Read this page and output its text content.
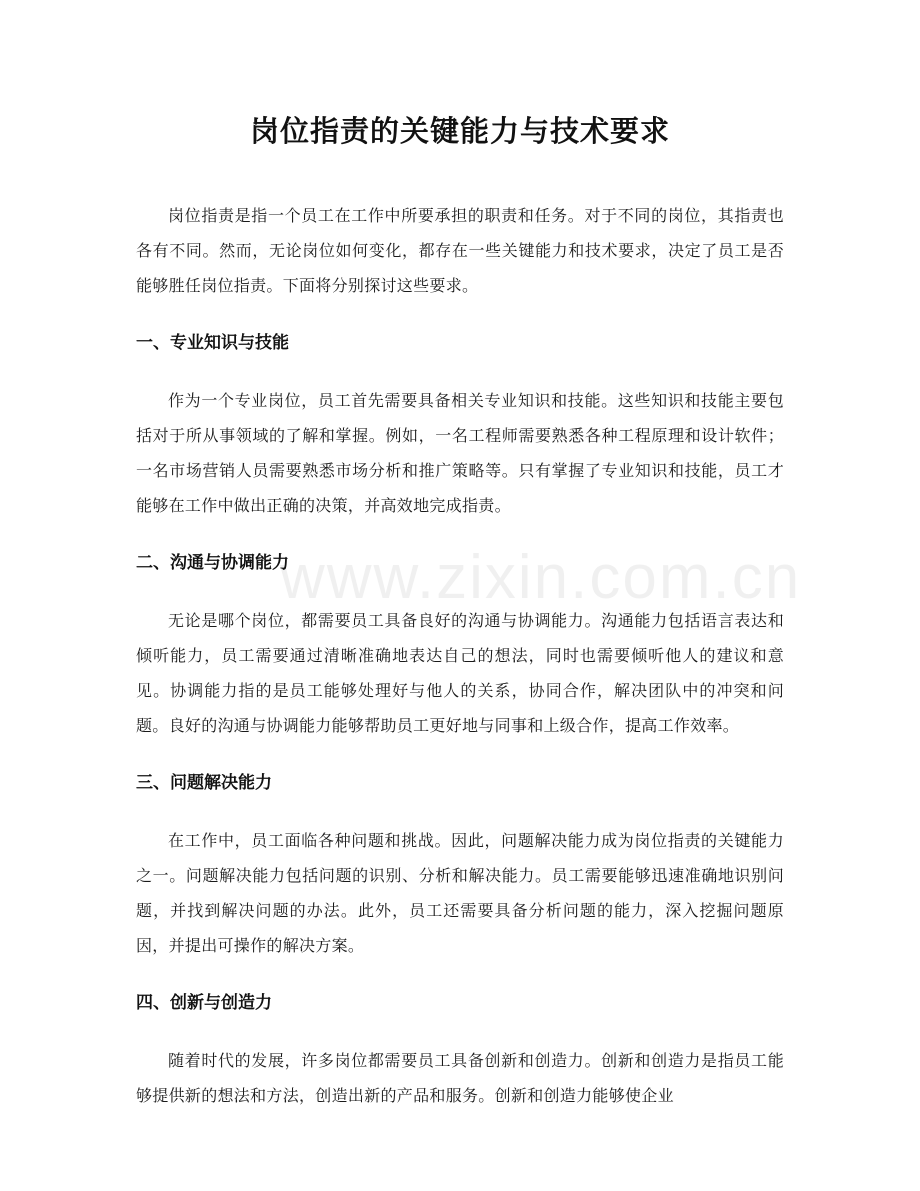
岗位指责的关键能力与技术要求

岗位指责是指一个员工在工作中所要承担的职责和任务。对于不同的岗位，其指责也各有不同。然而，无论岗位如何变化，都存在一些关键能力和技术要求，决定了员工是否能够胜任岗位指责。下面将分别探讨这些要求。

一、专业知识与技能

作为一个专业岗位，员工首先需要具备相关专业知识和技能。这些知识和技能主要包括对于所从事领域的了解和掌握。例如，一名工程师需要熟悉各种工程原理和设计软件；一名市场营销人员需要熟悉市场分析和推广策略等。只有掌握了专业知识和技能，员工才能够在工作中做出正确的决策，并高效地完成指责。

二、沟通与协调能力

无论是哪个岗位，都需要员工具备良好的沟通与协调能力。沟通能力包括语言表达和倾听能力，员工需要通过清晰准确地表达自己的想法，同时也需要倾听他人的建议和意见。协调能力指的是员工能够处理好与他人的关系，协同合作，解决团队中的冲突和问题。良好的沟通与协调能力能够帮助员工更好地与同事和上级合作，提高工作效率。

三、问题解决能力

在工作中，员工面临各种问题和挑战。因此，问题解决能力成为岗位指责的关键能力之一。问题解决能力包括问题的识别、分析和解决能力。员工需要能够迅速准确地识别问题，并找到解决问题的办法。此外，员工还需要具备分析问题的能力，深入挖掘问题原因，并提出可操作的解决方案。

四、创新与创造力

随着时代的发展，许多岗位都需要员工具备创新和创造力。创新和创造力是指员工能够提供新的想法和方法，创造出新的产品和服务。创新和创造力能够使企业

www.zixin.com.cn
